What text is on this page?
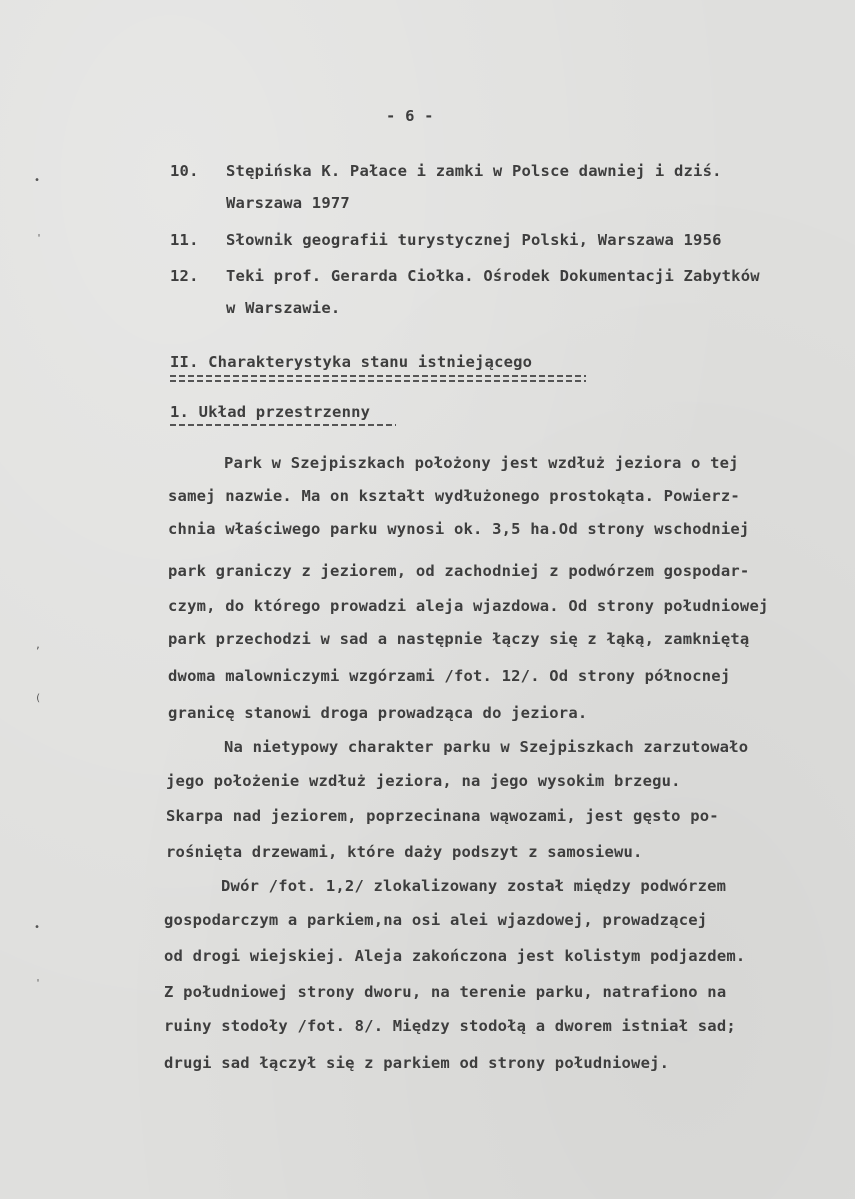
- 6 -
10. Stępińska K. Pałace i zamki w Polsce dawniej i dziś.
Warszawa 1977
11. Słownik geografii turystycznej Polski, Warszawa 1956
12. Teki prof. Gerarda Ciołka. Ośrodek Dokumentacji Zabytków
w Warszawie.
II. Charakterystyka stanu istniejącego
1. Układ przestrzenny
Park w Szejpiszkach położony jest wzdłuż jeziora o tej
samej nazwie. Ma on kształt wydłużonego prostokąta. Powierz-
chnia właściwego parku wynosi ok. 3,5 ha.Od strony wschodniej
park graniczy z jeziorem, od zachodniej z podwórzem gospodar-
czym, do którego prowadzi aleja wjazdowa. Od strony południowej
park przechodzi w sad a następnie łączy się z łąką, zamkniętą
dwoma malowniczymi wzgórzami /fot. 12/. Od strony północnej
granicę stanowi droga prowadząca do jeziora.
Na nietypowy charakter parku w Szejpiszkach zarzutowało
jego położenie wzdłuż jeziora, na jego wysokim brzegu.
Skarpa nad jeziorem, poprzecinana wąwozami, jest gęsto po-
rośnięta drzewami, które daży podszyt z samosiewu.
Dwór /fot. 1,2/ zlokalizowany został między podwórzem
gospodarczym a parkiem,na osi alei wjazdowej, prowadzącej
od drogi wiejskiej. Aleja zakończona jest kolistym podjazdem.
Z południowej strony dworu, na terenie parku, natrafiono na
ruiny stodoły /fot. 8/. Między stodołą a dworem istniał sad;
drugi sad łączył się z parkiem od strony południowej.
•
'
,
(
•
'
